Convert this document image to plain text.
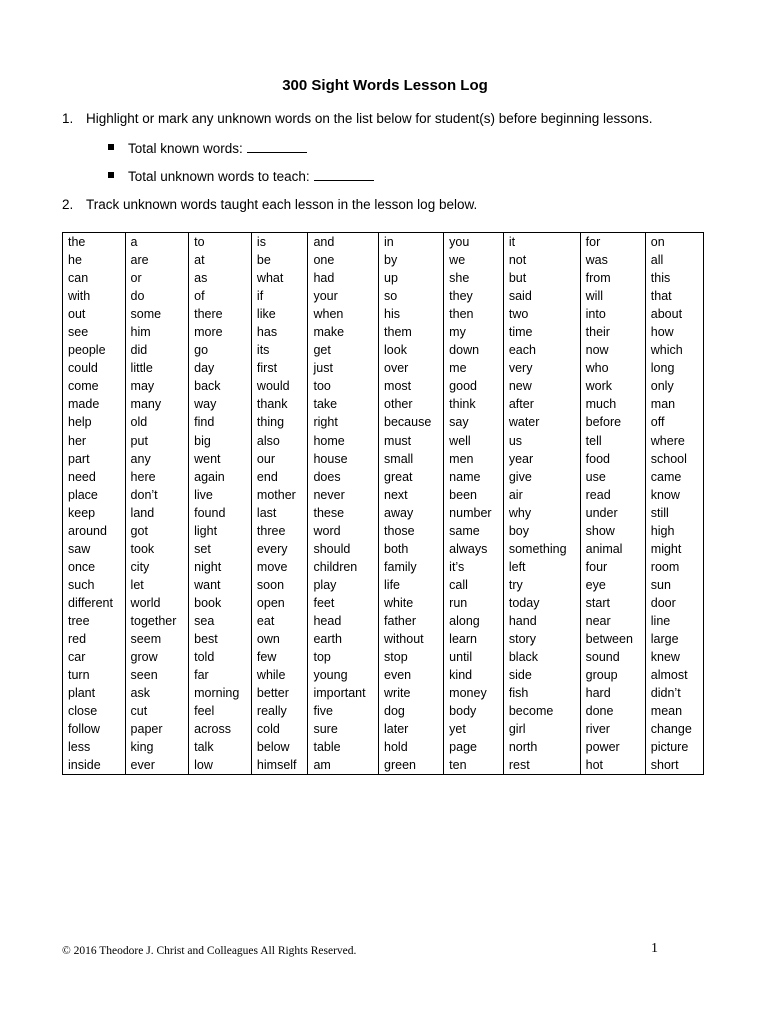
300 Sight Words Lesson Log
1. Highlight or mark any unknown words on the list below for student(s) before beginning lessons.
Total known words:
Total unknown words to teach:
2. Track unknown words taught each lesson in the lesson log below.
the	a	to	is	and	in	you	it	for	on
he	are	at	be	one	by	we	not	was	all
can	or	as	what	had	up	she	but	from	this
with	do	of	if	your	so	they	said	will	that
out	some	there	like	when	his	then	two	into	about
see	him	more	has	make	them	my	time	their	how
people	did	go	its	get	look	down	each	now	which
could	little	day	first	just	over	me	very	who	long
come	may	back	would	too	most	good	new	work	only
made	many	way	thank	take	other	think	after	much	man
help	old	find	thing	right	because	say	water	before	off
her	put	big	also	home	must	well	us	tell	where
part	any	went	our	house	small	men	year	food	school
need	here	again	end	does	great	name	give	use	came
place	don’t	live	mother	never	next	been	air	read	know
keep	land	found	last	these	away	number	why	under	still
around	got	light	three	word	those	same	boy	show	high
saw	took	set	every	should	both	always	something	animal	might
once	city	night	move	children	family	it’s	left	four	room
such	let	want	soon	play	life	call	try	eye	sun
different	world	book	open	feet	white	run	today	start	door
tree	together	sea	eat	head	father	along	hand	near	line
red	seem	best	own	earth	without	learn	story	between	large
car	grow	told	few	top	stop	until	black	sound	knew
turn	seen	far	while	young	even	kind	side	group	almost
plant	ask	morning	better	important	write	money	fish	hard	didn’t
close	cut	feel	really	five	dog	body	become	done	mean
follow	paper	across	cold	sure	later	yet	girl	river	change
less	king	talk	below	table	hold	page	north	power	picture
inside	ever	low	himself	am	green	ten	rest	hot	short
© 2016 Theodore J. Christ and Colleagues All Rights Reserved.	1
